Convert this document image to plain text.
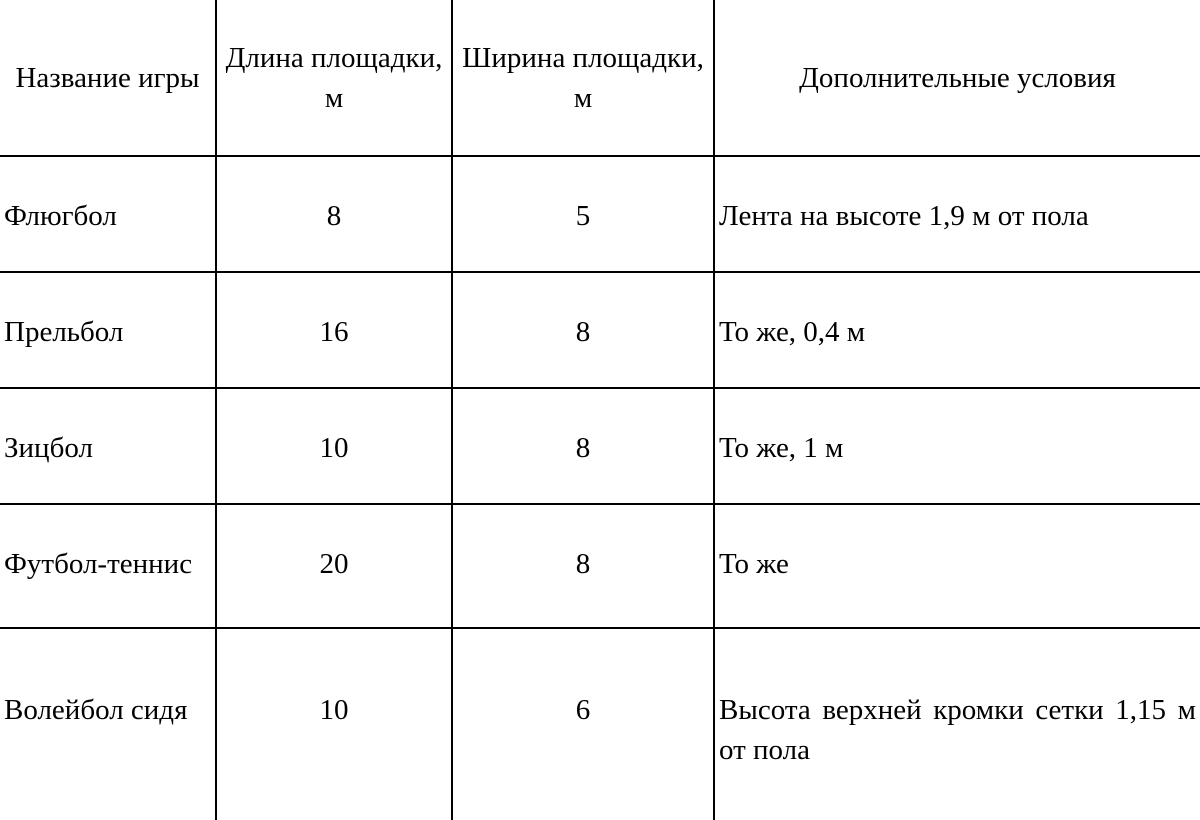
Название игры	Длина площадки, м	Ширина площадки, м	Дополнительные условия
Флюгбол	8	5	Лента на высоте 1,9 м от пола
Прельбол	16	8	То же, 0,4 м
Зицбол	10	8	То же, 1 м
Футбол-теннис	20	8	То же
Волейбол сидя	10	6	Высота верхней кромки сетки 1,15 м от пола
